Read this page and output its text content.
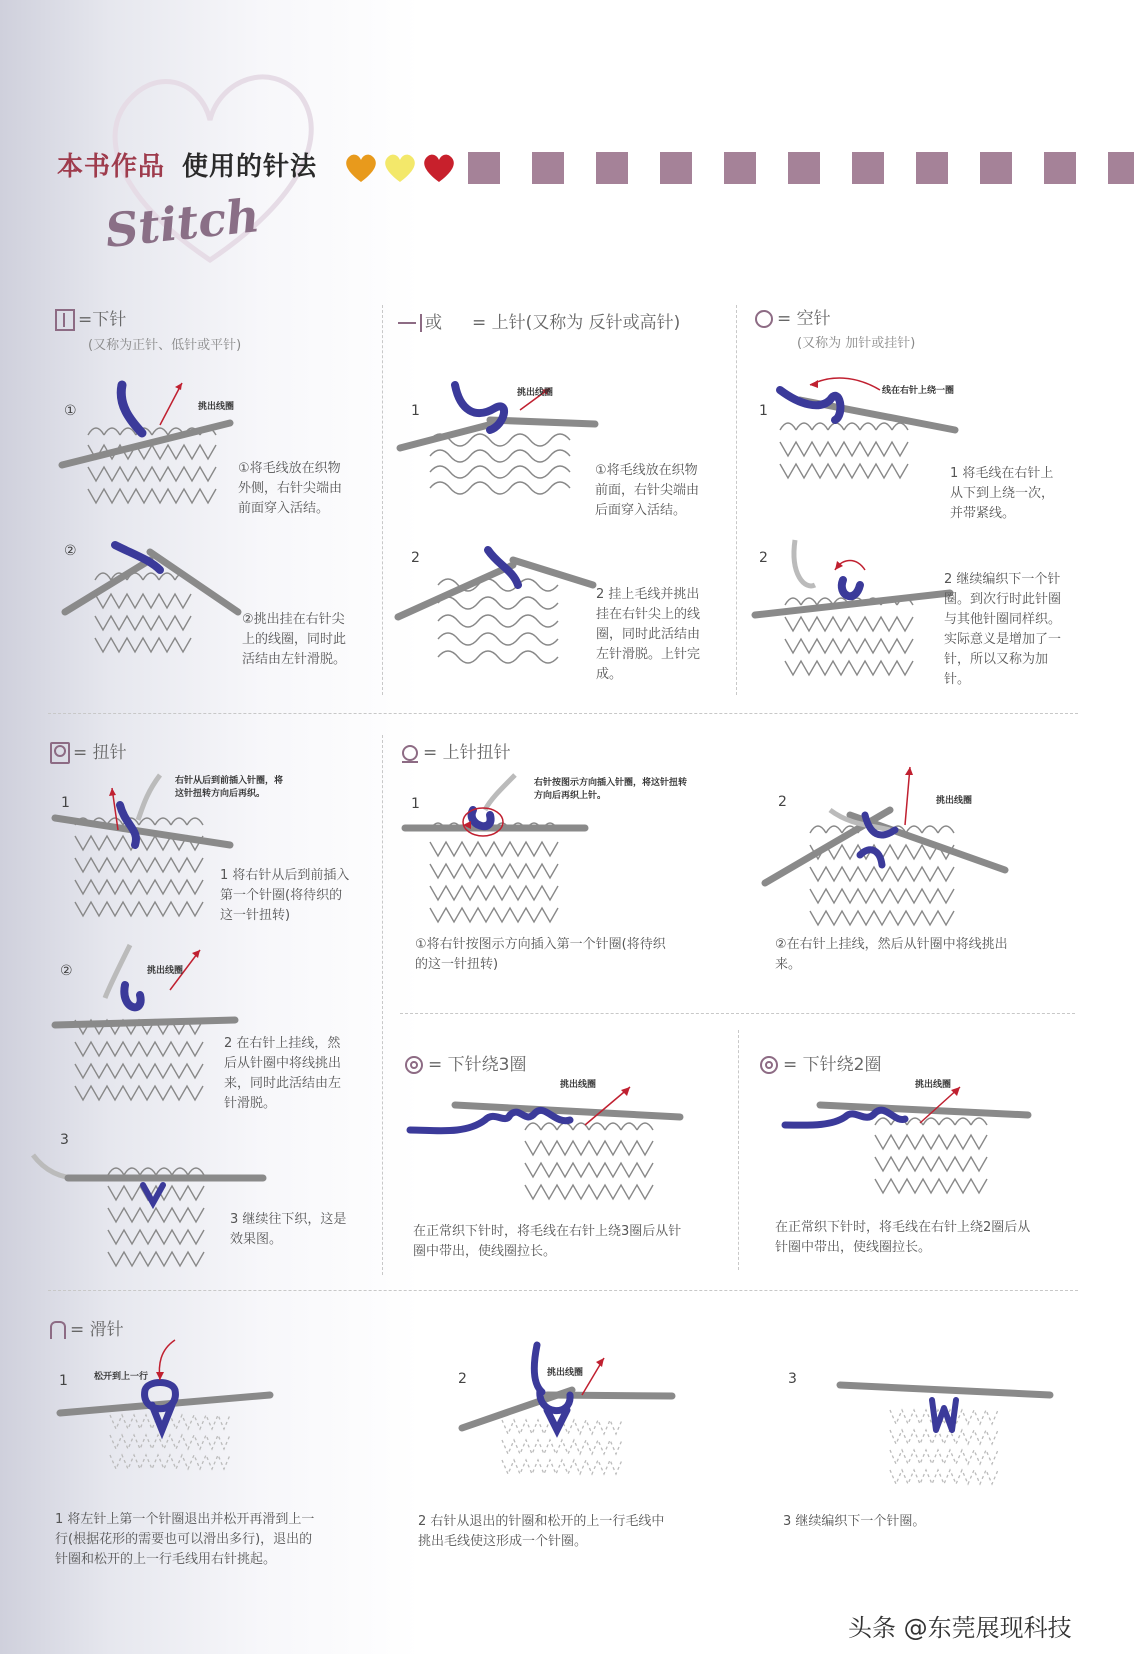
本书作品 使用的针法
Stitch
=下针
(又称为正针、低针或平针)
①	挑出线圈
①将毛线放在织物
外侧，右针尖端由
前面穿入活结。
②
②挑出挂在右针尖
上的线圈，同时此
活结由左针滑脱。
或 = 上针(又称为 反针或高针)
1
挑出线圈
①将毛线放在织物
前面，右针尖端由
后面穿入活结。
2
2 挂上毛线并挑出
挂在右针尖上的线
圈，同时此活结由
左针滑脱。上针完
成。
= 空针
(又称为 加针或挂针)
1
线在右针上绕一圈
1 将毛线在右针上
从下到上绕一次，
并带紧线。
2
2 继续编织下一个针
圈。到次行时此针圈
与其他针圈同样织。
实际意义是增加了一
针，所以又称为加
针。
= 扭针
1
右针从后到前插入针圈，将
这针扭转方向后再织。
1 将右针从后到前插入
第一个针圈(将待织的
这一针扭转)
②	挑出线圈
2 在右针上挂线，然
后从针圈中将线挑出
来，同时此活结由左
针滑脱。
3
3 继续往下织，这是
效果图。
= 上针扭针
1
右针按图示方向插入针圈，将这针扭转
方向后再织上针。
①将右针按图示方向插入第一个针圈(将待织
的这一针扭转)
2	挑出线圈
②在右针上挂线，然后从针圈中将线挑出
来。
= 下针绕3圈
挑出线圈
在正常织下针时，将毛线在右针上绕3圈后从针
圈中带出，使线圈拉长。
= 下针绕2圈
挑出线圈
在正常织下针时，将毛线在右针上绕2圈后从
针圈中带出，使线圈拉长。
= 滑针
1	松开到上一行
1 将左针上第一个针圈退出并松开再滑到上一
行(根据花形的需要也可以滑出多行)，退出的
针圈和松开的上一行毛线用右针挑起。
2	挑出线圈
2 右针从退出的针圈和松开的上一行毛线中
挑出毛线使这形成一个针圈。
3
3 继续编织下一个针圈。
头条 @东莞展现科技
